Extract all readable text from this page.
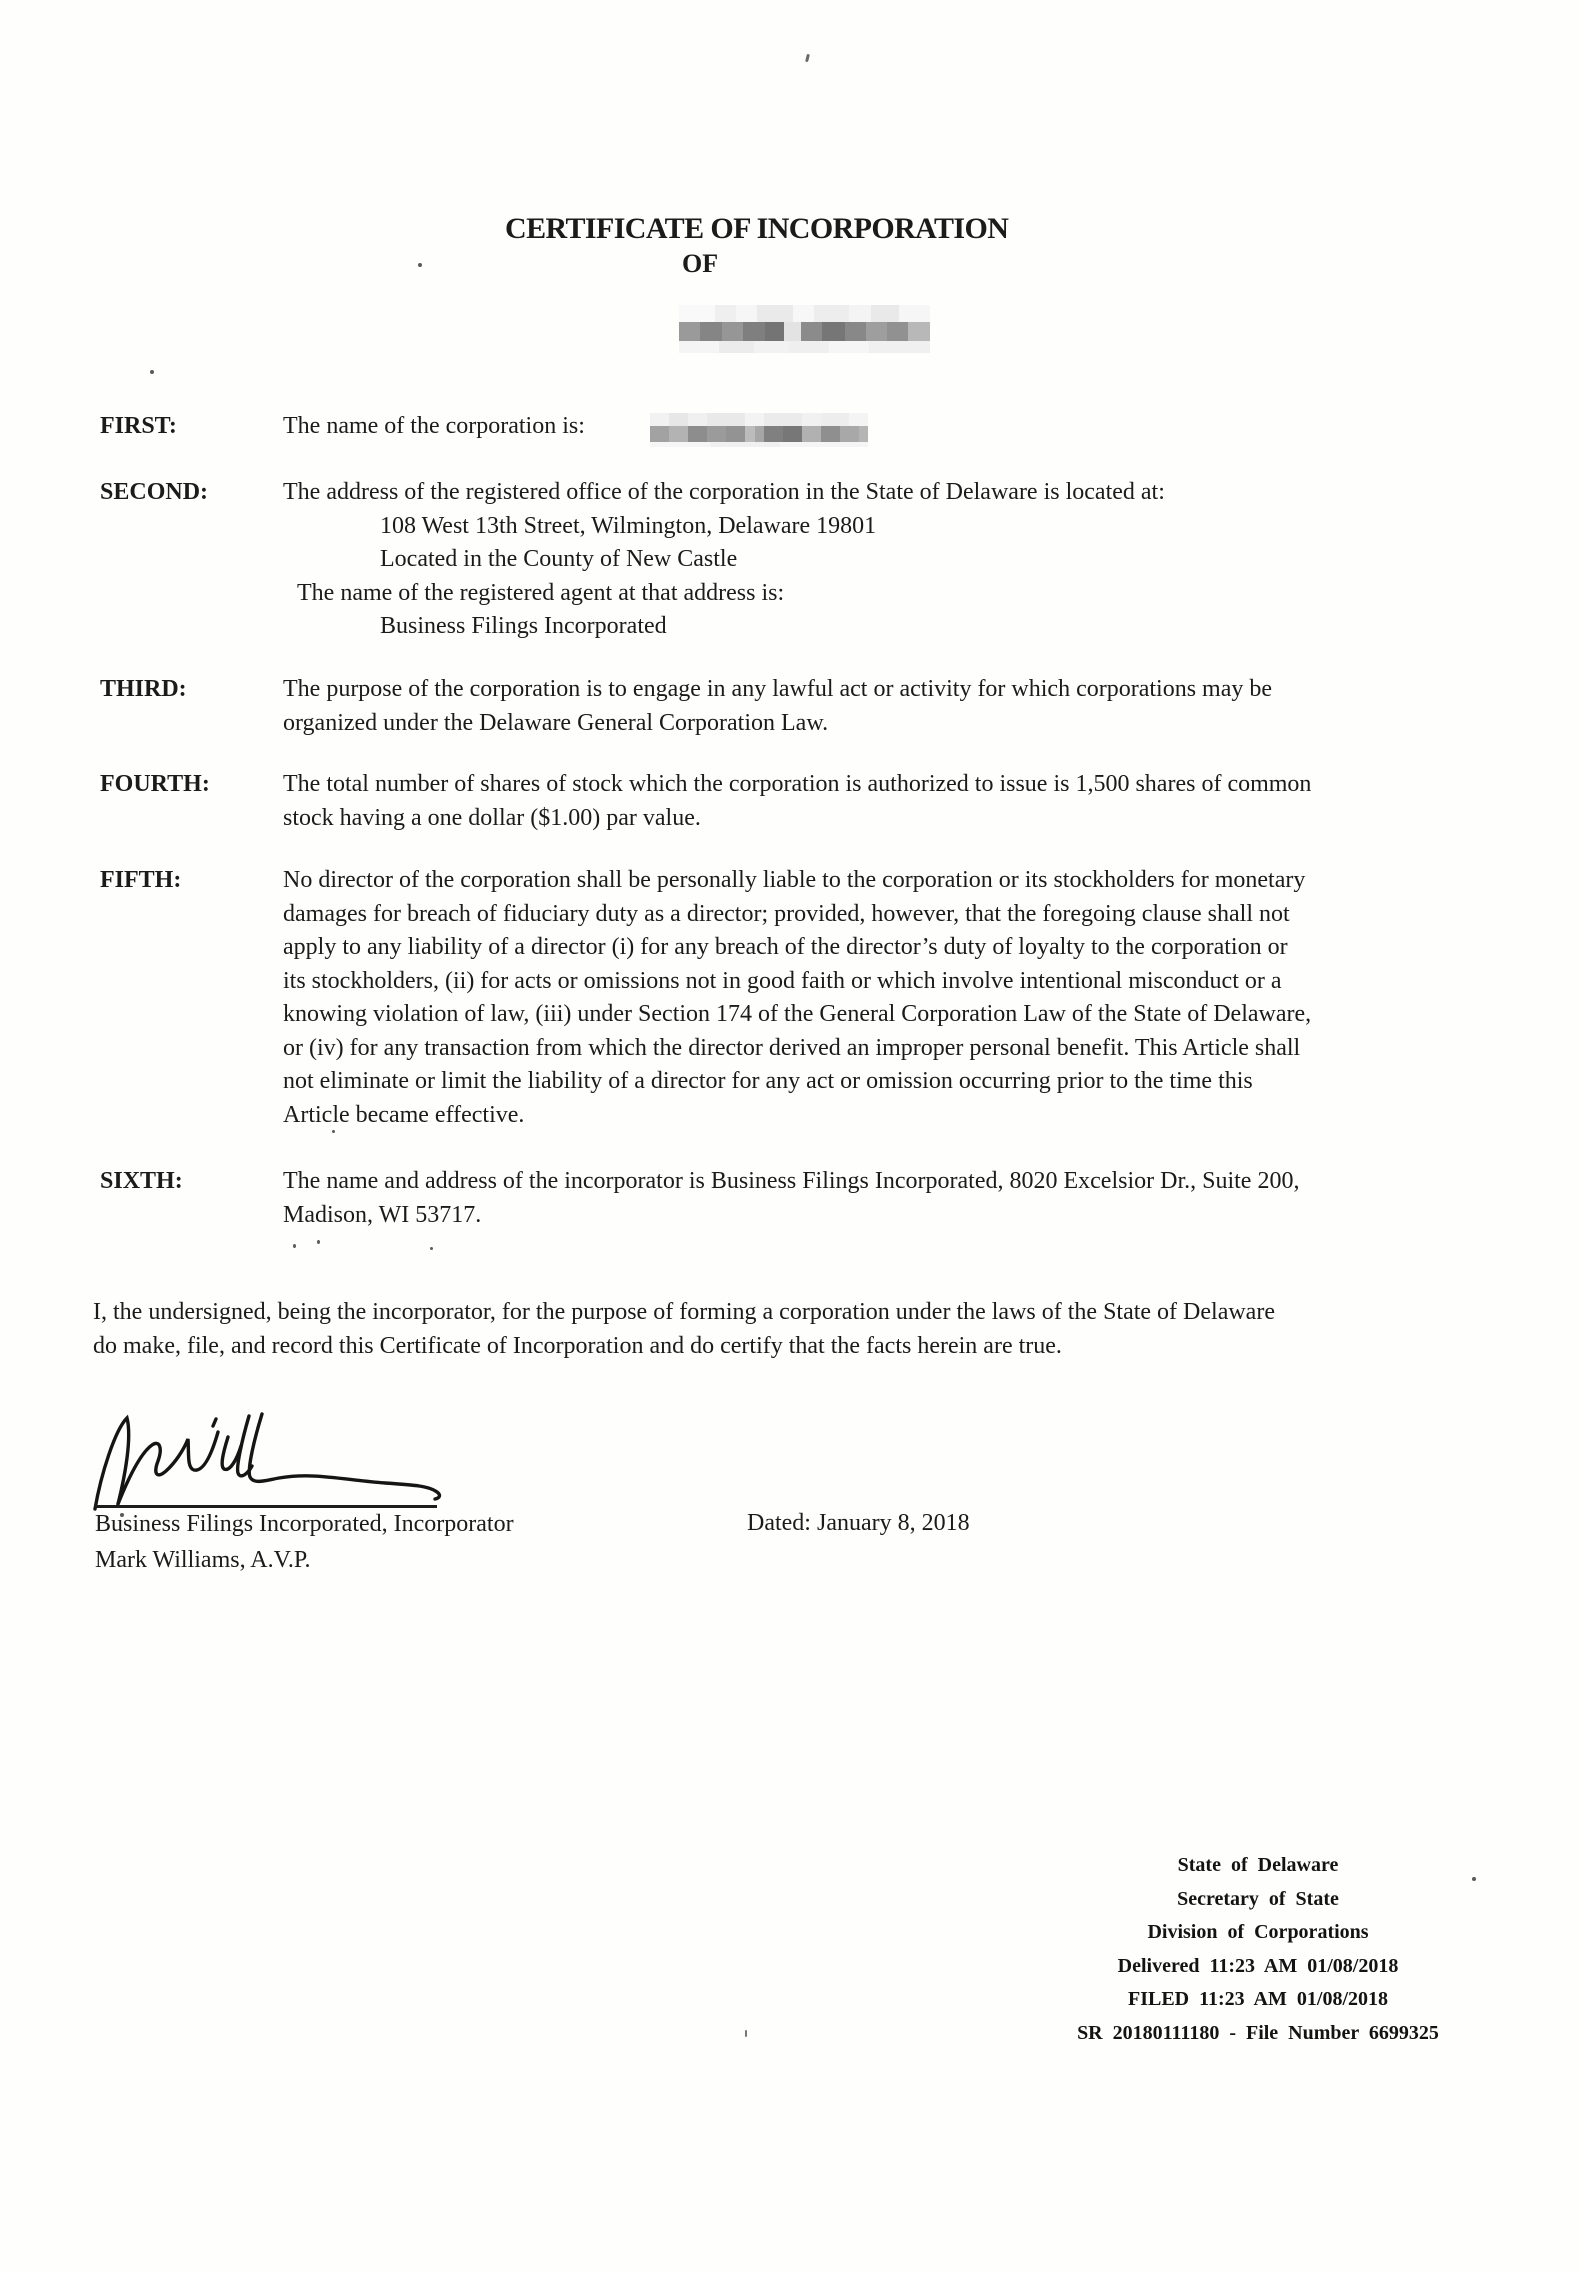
CERTIFICATE OF INCORPORATION
OF
FIRST:	The name of the corporation is:
SECOND:	The address of the registered office of the corporation in the State of Delaware is located at:
108 West 13th Street, Wilmington, Delaware 19801
Located in the County of New Castle
The name of the registered agent at that address is:
Business Filings Incorporated
THIRD:	The purpose of the corporation is to engage in any lawful act or activity for which corporations may be
organized under the Delaware General Corporation Law.
FOURTH:	The total number of shares of stock which the corporation is authorized to issue is 1,500 shares of common
stock having a one dollar ($1.00) par value.
FIFTH:	No director of the corporation shall be personally liable to the corporation or its stockholders for monetary
damages for breach of fiduciary duty as a director; provided, however, that the foregoing clause shall not
apply to any liability of a director (i) for any breach of the director’s duty of loyalty to the corporation or
its stockholders, (ii) for acts or omissions not in good faith or which involve intentional misconduct or a
knowing violation of law, (iii) under Section 174 of the General Corporation Law of the State of Delaware,
or (iv) for any transaction from which the director derived an improper personal benefit. This Article shall
not eliminate or limit the liability of a director for any act or omission occurring prior to the time this
Article became effective.
SIXTH:	The name and address of the incorporator is Business Filings Incorporated, 8020 Excelsior Dr., Suite 200,
Madison, WI 53717.
I, the undersigned, being the incorporator, for the purpose of forming a corporation under the laws of the State of Delaware
do make, file, and record this Certificate of Incorporation and do certify that the facts herein are true.
Business Filings Incorporated, Incorporator
Mark Williams, A.V.P.
Dated: January 8, 2018
State of Delaware
Secretary of State
Division of Corporations
Delivered 11:23 AM 01/08/2018
FILED 11:23 AM 01/08/2018
SR 20180111180 - File Number 6699325
